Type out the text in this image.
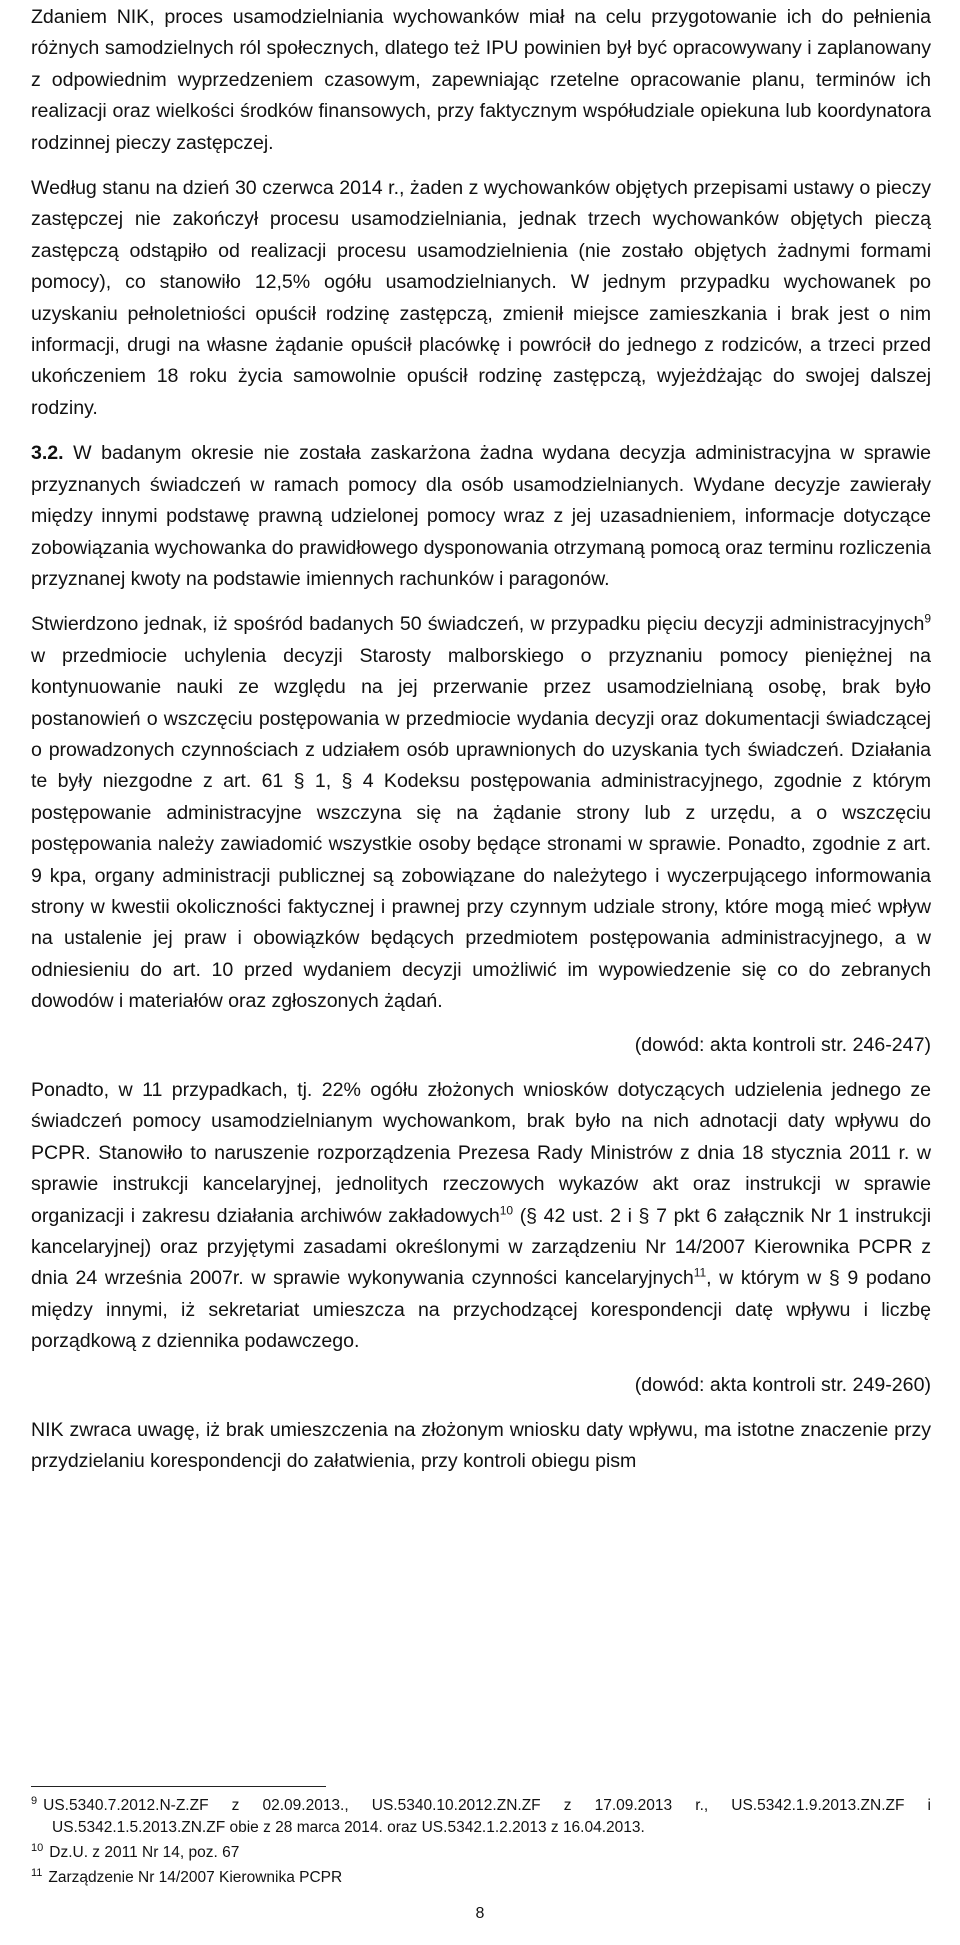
Zdaniem NIK, proces usamodzielniania wychowanków miał na celu przygotowanie ich do pełnienia różnych samodzielnych ról społecznych, dlatego też IPU powinien był być opracowywany i zaplanowany z odpowiednim wyprzedzeniem czasowym, zapewniając rzetelne opracowanie planu, terminów ich realizacji oraz wielkości środków finansowych, przy faktycznym współudziale opiekuna lub koordynatora rodzinnej pieczy zastępczej.

Według stanu na dzień 30 czerwca 2014 r., żaden z wychowanków objętych przepisami ustawy o pieczy zastępczej nie zakończył procesu usamodzielniania, jednak trzech wychowanków objętych pieczą zastępczą odstąpiło od realizacji procesu usamodzielnienia (nie zostało objętych żadnymi formami pomocy), co stanowiło 12,5% ogółu usamodzielnianych. W jednym przypadku wychowanek po uzyskaniu pełnoletniości opuścił rodzinę zastępczą, zmienił miejsce zamieszkania i brak jest o nim informacji, drugi na własne żądanie opuścił placówkę i powrócił do jednego z rodziców, a trzeci przed ukończeniem 18 roku życia samowolnie opuścił rodzinę zastępczą, wyjeżdżając do swojej dalszej rodziny.

3.2. W badanym okresie nie została zaskarżona żadna wydana decyzja administracyjna w sprawie przyznanych świadczeń w ramach pomocy dla osób usamodzielnianych. Wydane decyzje zawierały między innymi podstawę prawną udzielonej pomocy wraz z jej uzasadnieniem, informacje dotyczące zobowiązania wychowanka do prawidłowego dysponowania otrzymaną pomocą oraz terminu rozliczenia przyznanej kwoty na podstawie imiennych rachunków i paragonów.

Stwierdzono jednak, iż spośród badanych 50 świadczeń, w przypadku pięciu decyzji administracyjnych$^9$ w przedmiocie uchylenia decyzji Starosty malborskiego o przyznaniu pomocy pieniężnej na kontynuowanie nauki ze względu na jej przerwanie przez usamodzielnianą osobę, brak było postanowień o wszczęciu postępowania w przedmiocie wydania decyzji oraz dokumentacji świadczącej o prowadzonych czynnościach z udziałem osób uprawnionych do uzyskania tych świadczeń. Działania te były niezgodne z art. 61 § 1, § 4 Kodeksu postępowania administracyjnego, zgodnie z którym postępowanie administracyjne wszczyna się na żądanie strony lub z urzędu, a o wszczęciu postępowania należy zawiadomić wszystkie osoby będące stronami w sprawie. Ponadto, zgodnie z art. 9 kpa, organy administracji publicznej są zobowiązane do należytego i wyczerpującego informowania strony w kwestii okoliczności faktycznej i prawnej przy czynnym udziale strony, które mogą mieć wpływ na ustalenie jej praw i obowiązków będących przedmiotem postępowania administracyjnego, a w odniesieniu do art. 10 przed wydaniem decyzji umożliwić im wypowiedzenie się co do zebranych dowodów i materiałów oraz zgłoszonych żądań.

(dowód: akta kontroli str. 246-247)

Ponadto, w 11 przypadkach, tj. 22% ogółu złożonych wniosków dotyczących udzielenia jednego ze świadczeń pomocy usamodzielnianym wychowankom, brak było na nich adnotacji daty wpływu do PCPR. Stanowiło to naruszenie rozporządzenia Prezesa Rady Ministrów z dnia 18 stycznia 2011 r. w sprawie instrukcji kancelaryjnej, jednolitych rzeczowych wykazów akt oraz instrukcji w sprawie organizacji i zakresu działania archiwów zakładowych$^{10}$ (§ 42 ust. 2 i § 7 pkt 6 załącznik Nr 1 instrukcji kancelaryjnej) oraz przyjętymi zasadami określonymi w zarządzeniu Nr 14/2007 Kierownika PCPR z dnia 24 września 2007r. w sprawie wykonywania czynności kancelaryjnych$^{11}$, w którym w § 9 podano między innymi, iż sekretariat umieszcza na przychodzącej korespondencji datę wpływu i liczbę porządkową z dziennika podawczego.

(dowód: akta kontroli str. 249-260)

NIK zwraca uwagę, iż brak umieszczenia na złożonym wniosku daty wpływu, ma istotne znaczenie przy przydzielaniu korespondencji do załatwienia, przy kontroli obiegu pism

$^9$ US.5340.7.2012.N-Z.ZF z 02.09.2013., US.5340.10.2012.ZN.ZF z 17.09.2013 r., US.5342.1.9.2013.ZN.ZF i US.5342.1.5.2013.ZN.ZF obie z 28 marca 2014. oraz US.5342.1.2.2013 z 16.04.2013.
$^{10}$ Dz.U. z 2011 Nr 14, poz. 67
$^{11}$ Zarządzenie Nr 14/2007 Kierownika PCPR
8
